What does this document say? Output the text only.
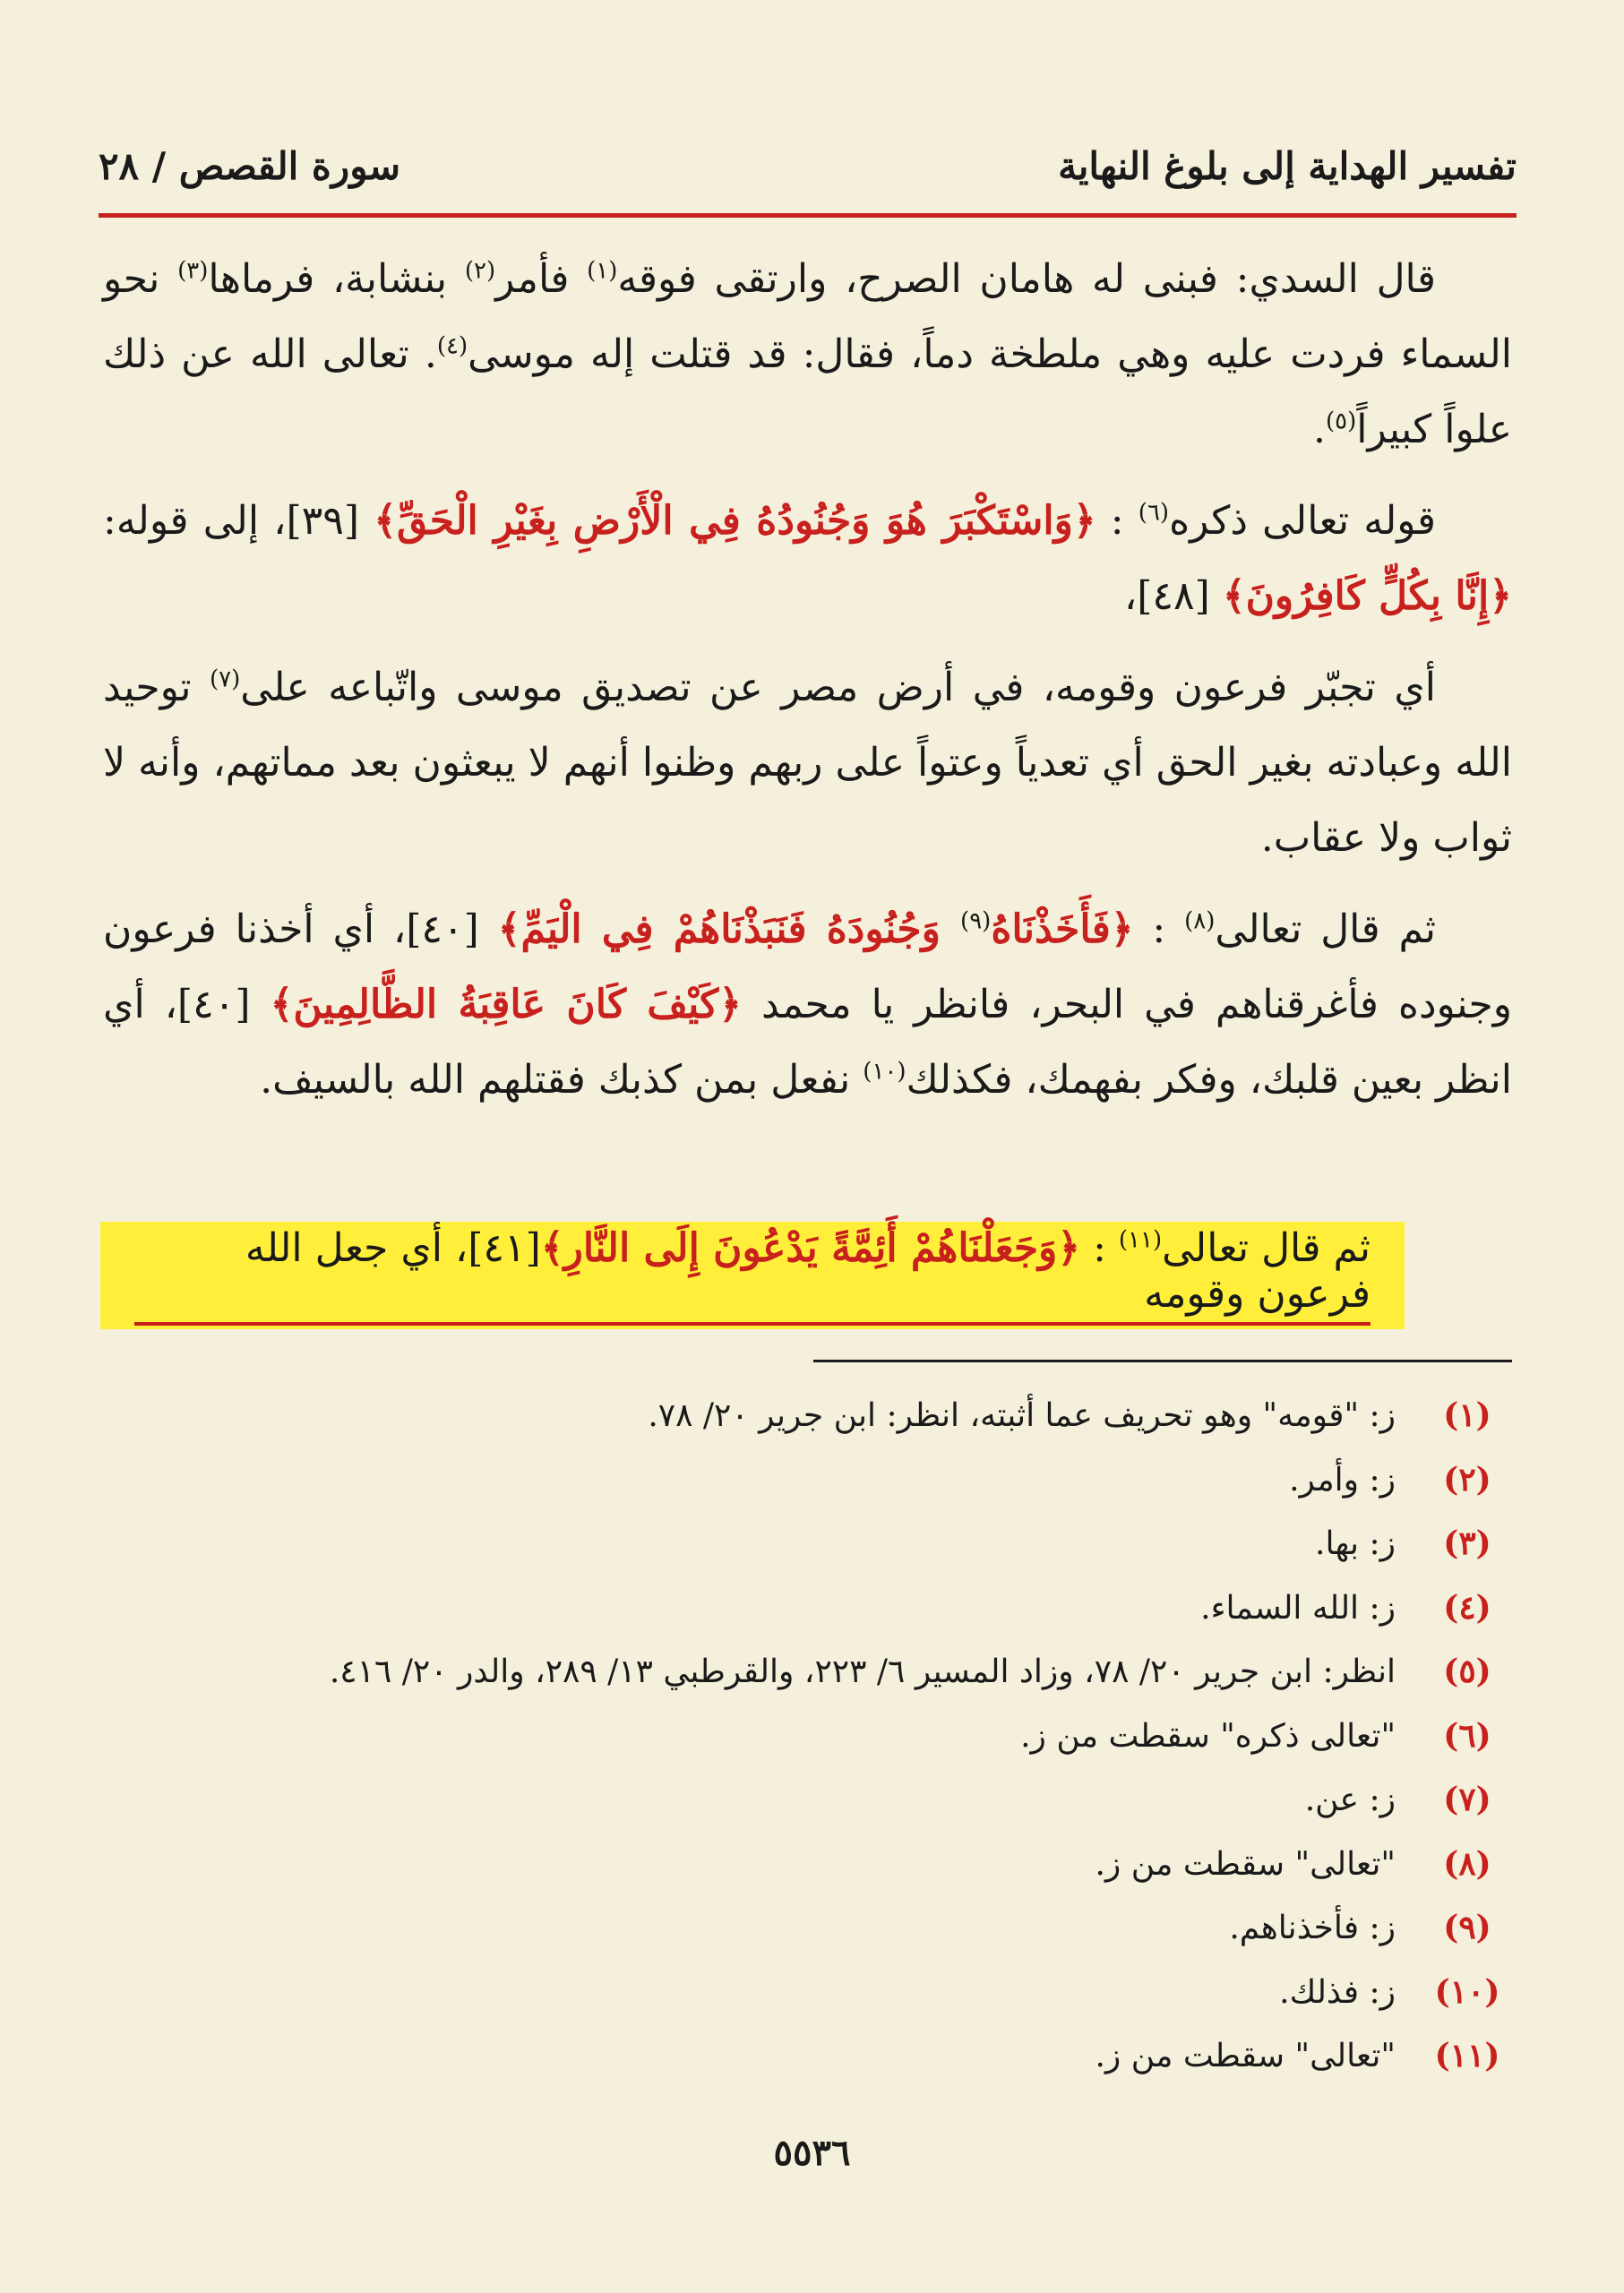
تفسير الهداية إلى بلوغ النهاية
سورة القصص / ٢٨

قال السدي: فبنى له هامان الصرح، وارتقى فوقه$^{(١)}$ فأمر$^{(٢)}$ بنشابة، فرماها$^{(٣)}$ نحو السماء فردت عليه وهي ملطخة دماً، فقال: قد قتلت إله موسى$^{(٤)}$. تعالى الله عن ذلك علواً كبيراً$^{(٥)}$.

قوله تعالى ذكره$^{(٦)}$ : ﴿وَاسْتَكْبَرَ هُوَ وَجُنُودُهُ فِي الْأَرْضِ بِغَيْرِ الْحَقِّ﴾ [٣٩]، إلى قوله: ﴿إِنَّا بِكُلٍّ كَافِرُونَ﴾ [٤٨]،

أي تجبّر فرعون وقومه، في أرض مصر عن تصديق موسى واتّباعه على$^{(٧)}$ توحيد الله وعبادته بغير الحق أي تعدياً وعتواً على ربهم وظنوا أنهم لا يبعثون بعد مماتهم، وأنه لا ثواب ولا عقاب.

ثم قال تعالى$^{(٨)}$ : ﴿فَأَخَذْنَاهُ$^{(٩)}$ وَجُنُودَهُ فَنَبَذْنَاهُمْ فِي الْيَمِّ﴾ [٤٠]، أي أخذنا فرعون وجنوده فأغرقناهم في البحر، فانظر يا محمد ﴿كَيْفَ كَانَ عَاقِبَةُ الظَّالِمِينَ﴾ [٤٠]، أي انظر بعين قلبك، وفكر بفهمك، فكذلك$^{(١٠)}$ نفعل بمن كذبك فقتلهم الله بالسيف.

ثم قال تعالى$^{(١١)}$ : ﴿وَجَعَلْنَاهُمْ أَئِمَّةً يَدْعُونَ إِلَى النَّارِ﴾[٤١]، أي جعل الله فرعون وقومه
(١)
ز: "قومه" وهو تحريف عما أثبته، انظر: ابن جرير ٢٠/ ٧٨.
(٢)
ز: وأمر.
(٣)
ز: بها.
(٤)
ز: الله السماء.
(٥)
انظر: ابن جرير ٢٠/ ٧٨، وزاد المسير ٦/ ٢٢٣، والقرطبي ١٣/ ٢٨٩، والدر ٢٠/ ٤١٦.
(٦)
"تعالى ذكره" سقطت من ز.
(٧)
ز: عن.
(٨)
"تعالى" سقطت من ز.
(٩)
ز: فأخذناهم.
(١٠)
ز: فذلك.
(١١)
"تعالى" سقطت من ز.
٥٥٣٦
